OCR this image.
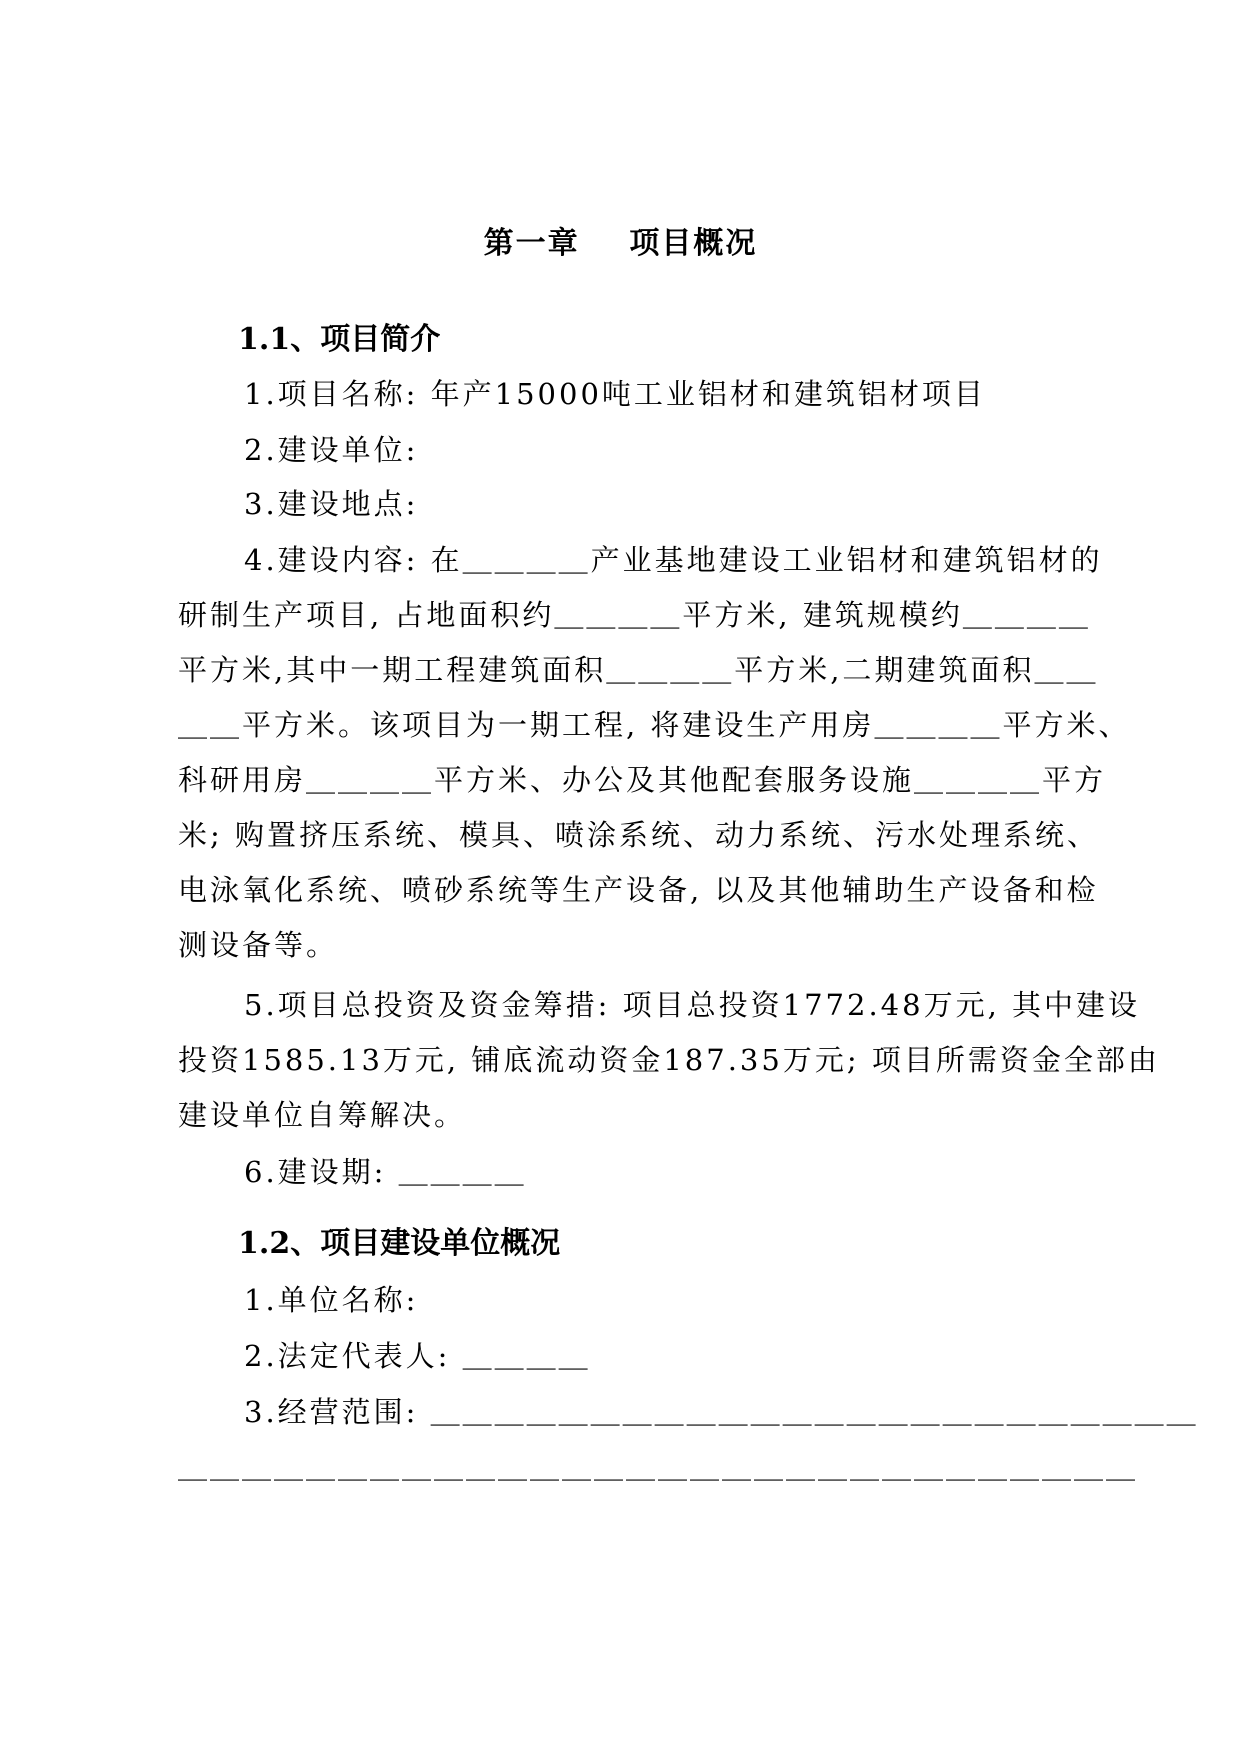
第一章    项目概况
1.1、项目简介
1.项目名称: 年产15000吨工业铝材和建筑铝材项目
2.建设单位:
3.建设地点:
4.建设内容: 在＿＿＿＿产业基地建设工业铝材和建筑铝材的
研制生产项目, 占地面积约＿＿＿＿平方米, 建筑规模约＿＿＿＿
平方米,其中一期工程建筑面积＿＿＿＿平方米,二期建筑面积＿＿
＿＿平方米。该项目为一期工程, 将建设生产用房＿＿＿＿平方米、
科研用房＿＿＿＿平方米、办公及其他配套服务设施＿＿＿＿平方
米; 购置挤压系统、模具、喷涂系统、动力系统、污水处理系统、
电泳氧化系统、喷砂系统等生产设备, 以及其他辅助生产设备和检
测设备等。
5.项目总投资及资金筹措: 项目总投资1772.48万元, 其中建设
投资1585.13万元, 铺底流动资金187.35万元; 项目所需资金全部由
建设单位自筹解决。
6.建设期: ＿＿＿＿
1.2、项目建设单位概况
1.单位名称:
2.法定代表人: ＿＿＿＿
3.经营范围: ＿＿＿＿＿＿＿＿＿＿＿＿＿＿＿＿＿＿＿＿＿＿＿＿
＿＿＿＿＿＿＿＿＿＿＿＿＿＿＿＿＿＿＿＿＿＿＿＿＿＿＿＿＿＿
